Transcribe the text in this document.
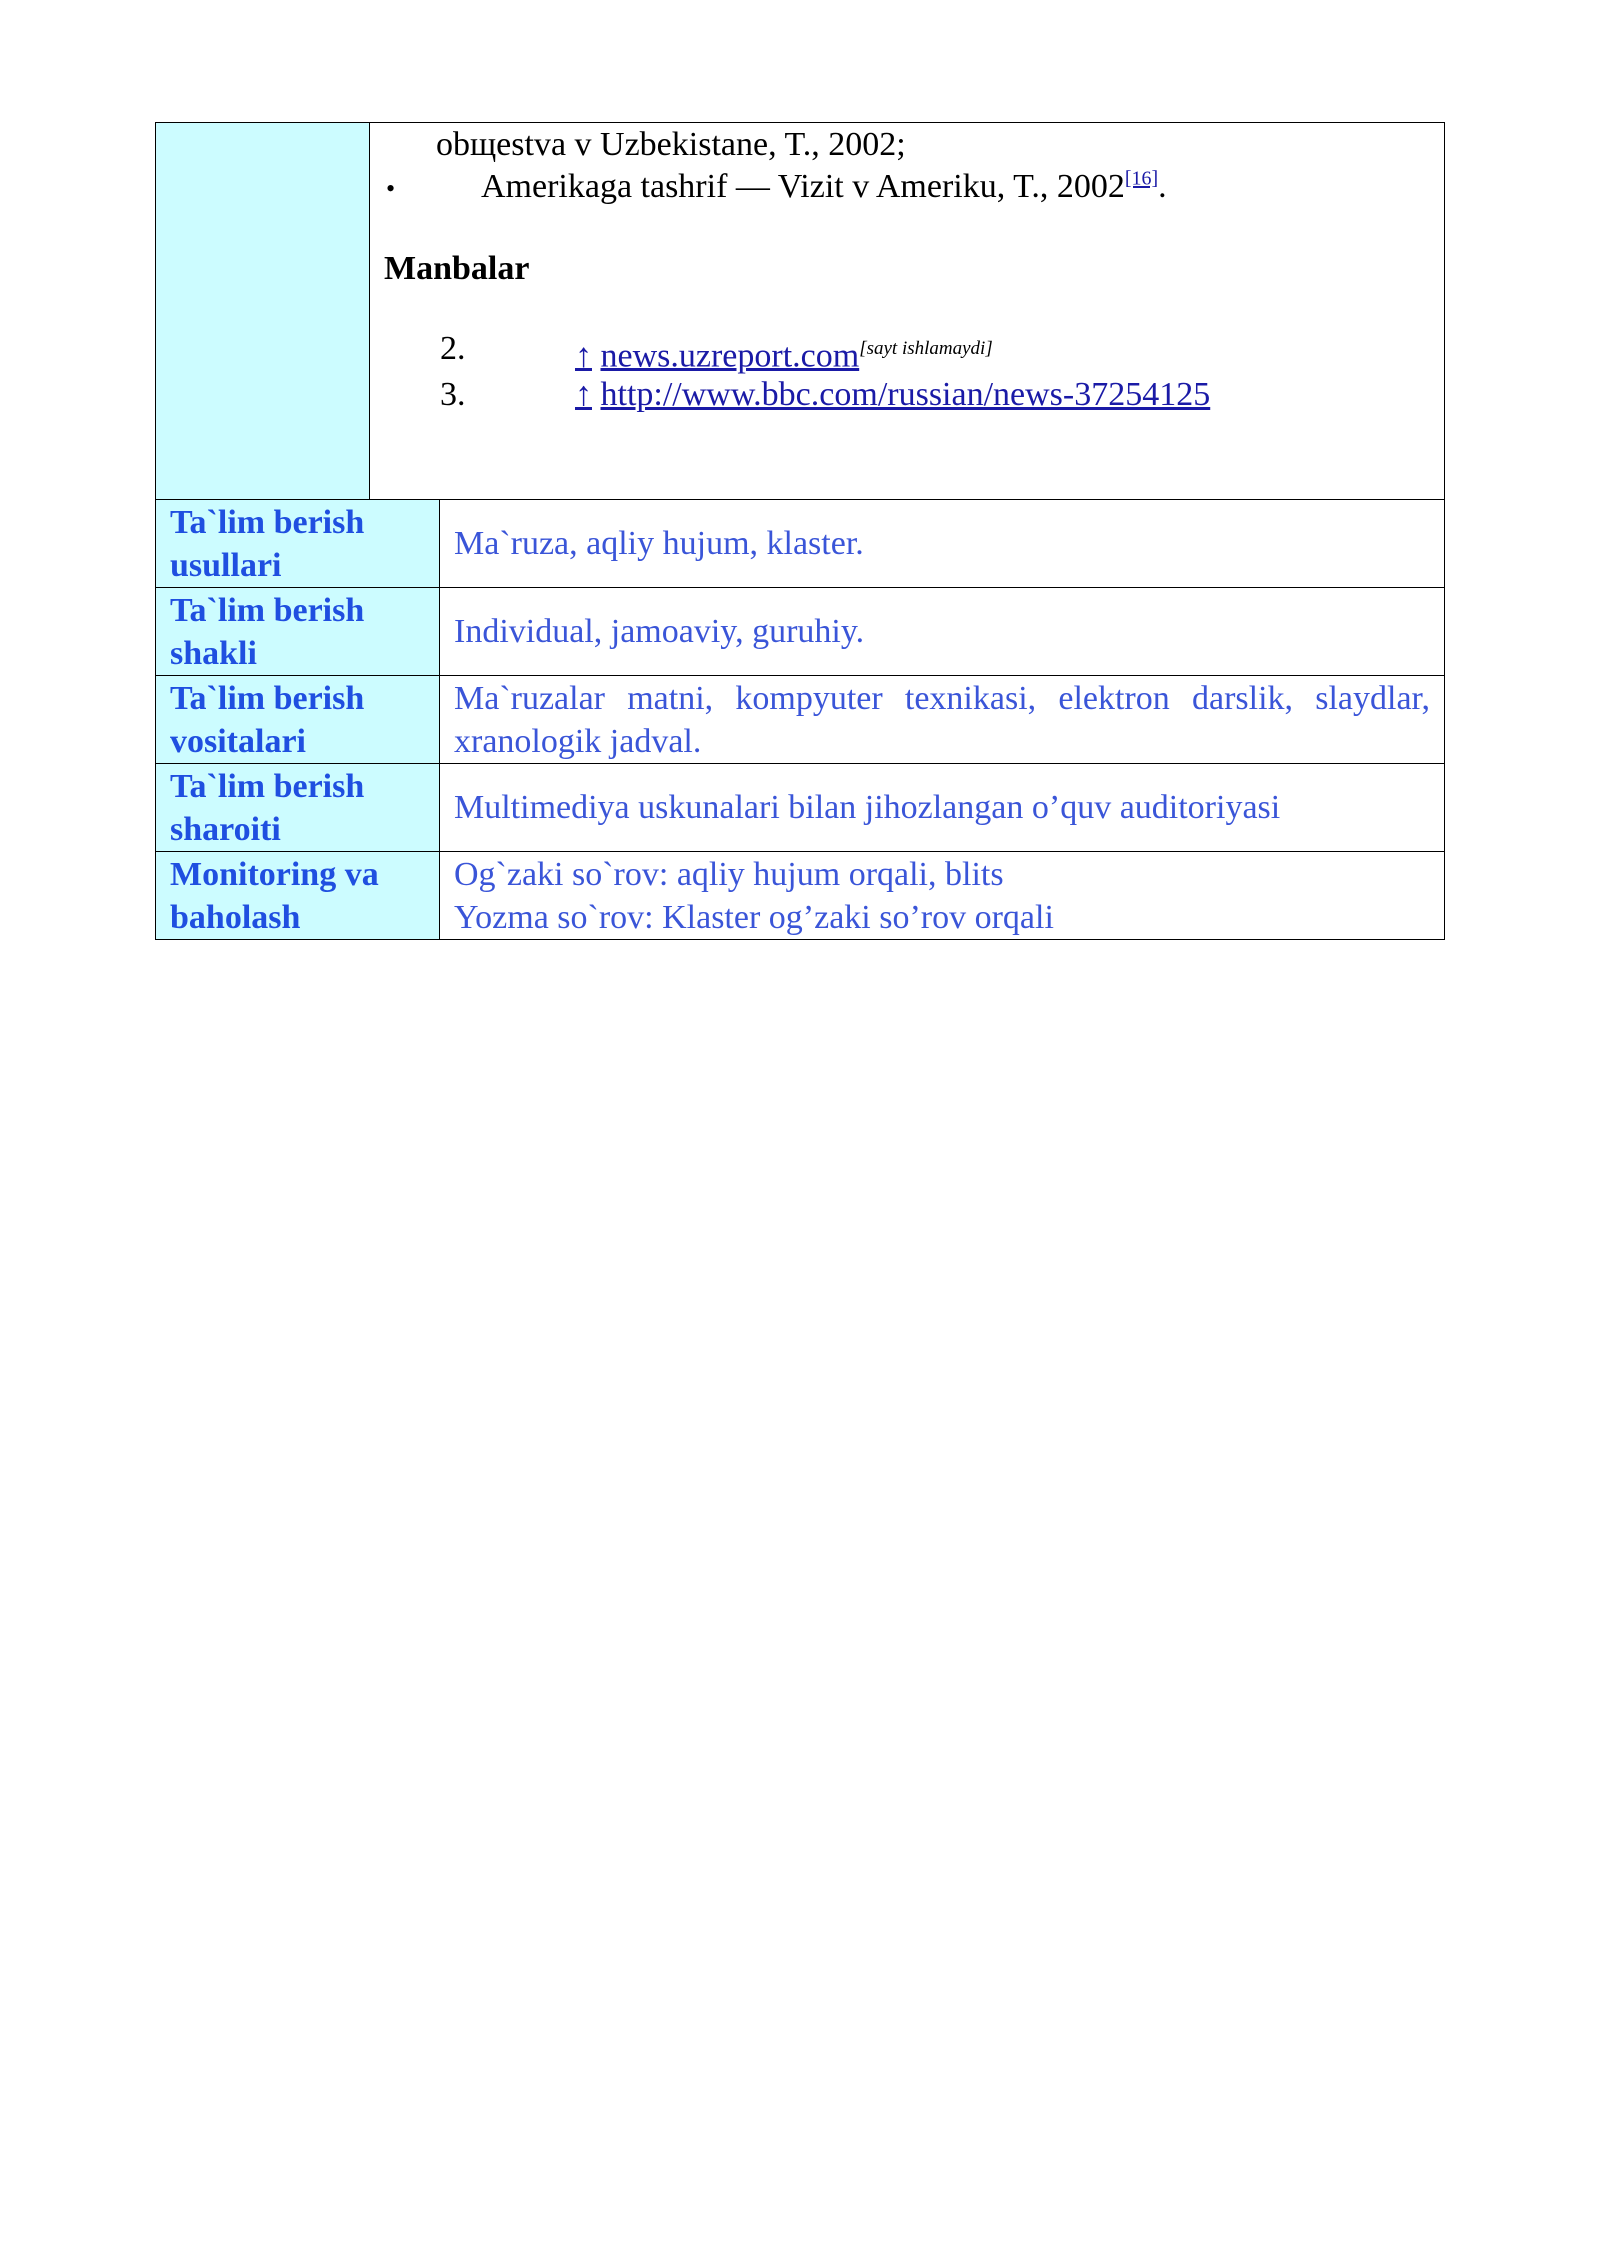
obщestva v Uzbekistane, T., 2002;
•	Amerikaga tashrif — Vizit v Ameriku, T., 2002[16].
Manbalar
2.	↑ news.uzreport.com[sayt ishlamaydi]
3.	↑ http://www.bbc.com/russian/news-37254125
Ta`lim berish usullari	Ma`ruza, aqliy hujum, klaster.
Ta`lim berish shakli	Individual, jamoaviy, guruhiy.
Ta`lim berish vositalari	Ma`ruzalar matni, kompyuter texnikasi, elektron darslik, slaydlar, xranologik jadval.
Ta`lim berish sharoiti	Multimediya uskunalari bilan jihozlangan o’quv auditoriyasi
Monitoring va baholash	Og`zaki so`rov: aqliy hujum orqali, blits
Yozma so`rov: Klaster og’zaki so’rov orqali
